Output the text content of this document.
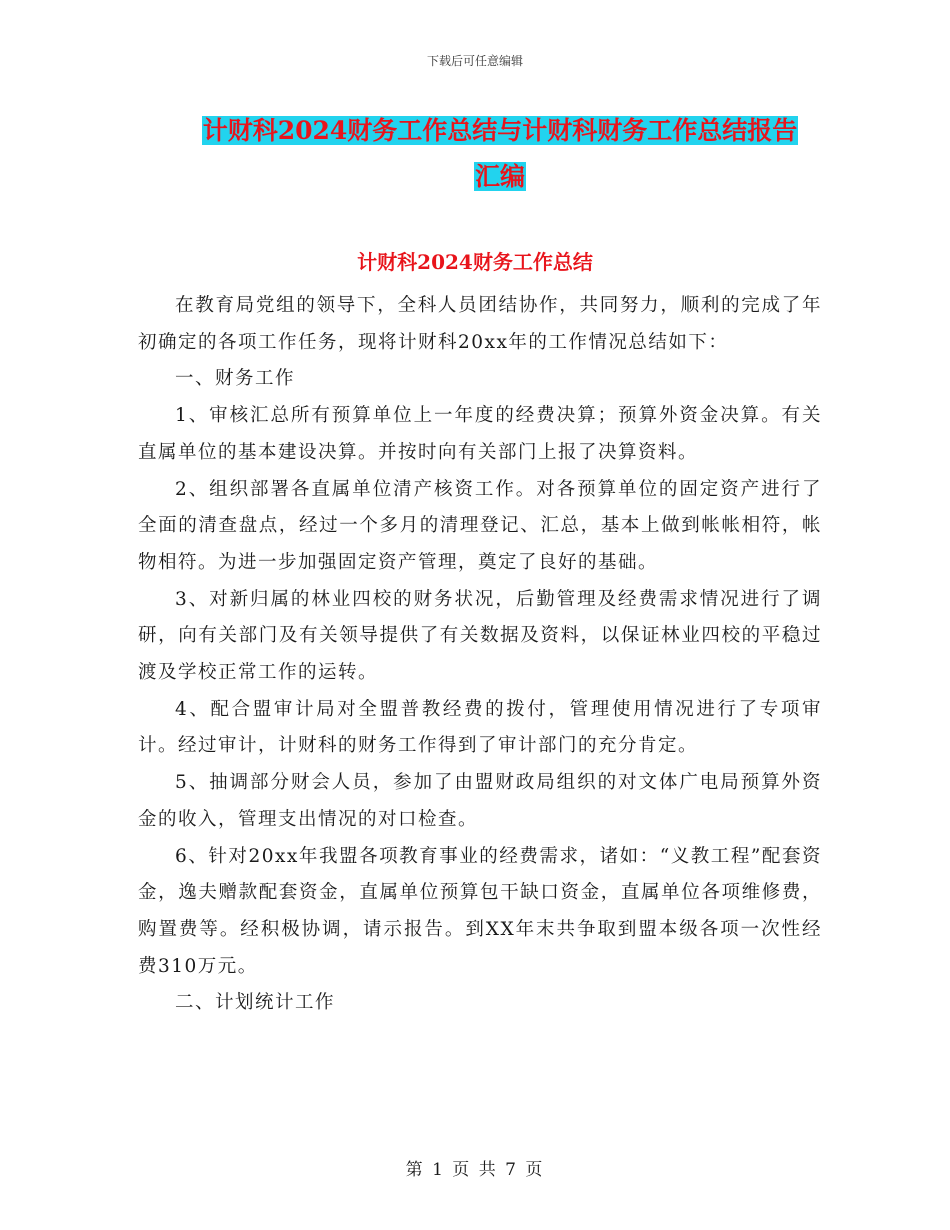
下载后可任意编辑
计财科2024财务工作总结与计财科财务工作总结报告
汇编
计财科2024财务工作总结

在教育局党组的领导下，全科人员团结协作，共同努力，顺利的完成了年初确定的各项工作任务，现将计财科20xx年的工作情况总结如下：

一、财务工作

1、审核汇总所有预算单位上一年度的经费决算；预算外资金决算。有关直属单位的基本建设决算。并按时向有关部门上报了决算资料。

2、组织部署各直属单位清产核资工作。对各预算单位的固定资产进行了全面的清查盘点，经过一个多月的清理登记、汇总，基本上做到帐帐相符，帐物相符。为进一步加强固定资产管理，奠定了良好的基础。

3、对新归属的林业四校的财务状况，后勤管理及经费需求情况进行了调研，向有关部门及有关领导提供了有关数据及资料，以保证林业四校的平稳过渡及学校正常工作的运转。

4、配合盟审计局对全盟普教经费的拨付，管理使用情况进行了专项审计。经过审计，计财科的财务工作得到了审计部门的充分肯定。

5、抽调部分财会人员，参加了由盟财政局组织的对文体广电局预算外资金的收入，管理支出情况的对口检查。

6、针对20xx年我盟各项教育事业的经费需求，诸如：“义教工程”配套资金，逸夫赠款配套资金，直属单位预算包干缺口资金，直属单位各项维修费，购置费等。经积极协调，请示报告。到XX年末共争取到盟本级各项一次性经费310万元。

二、计划统计工作

第 1 页 共 7 页
